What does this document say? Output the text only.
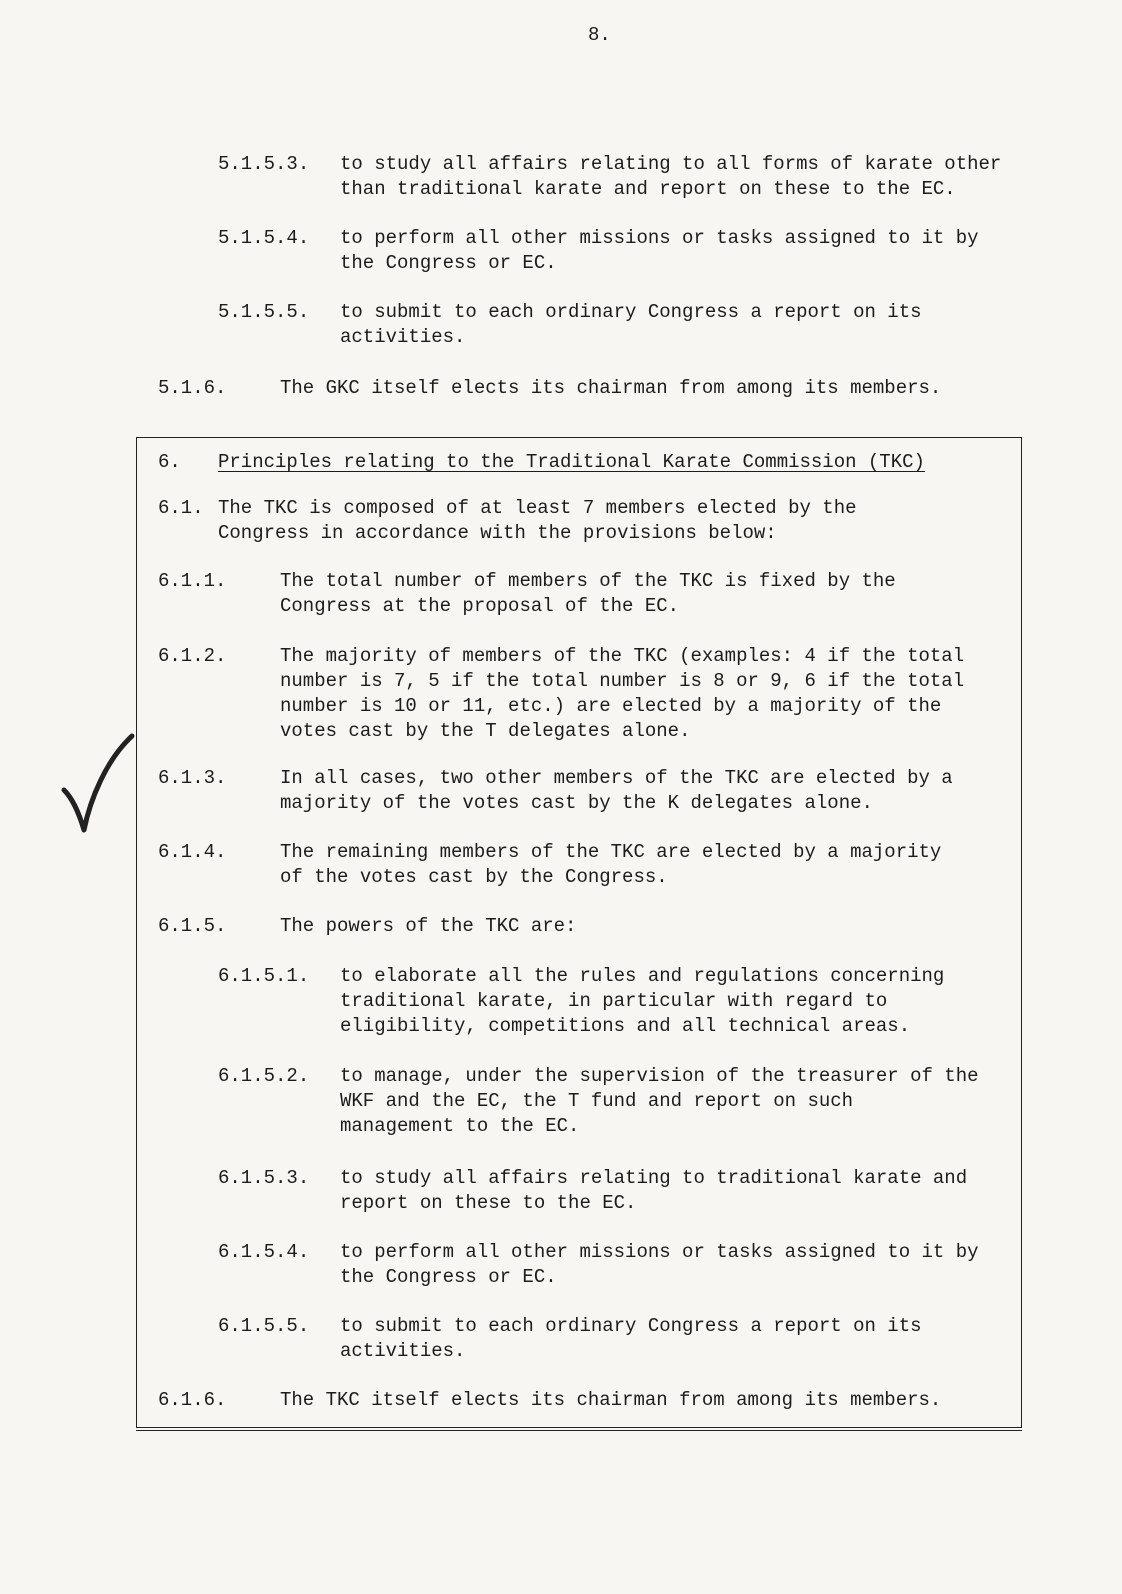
8.
5.1.5.3. to study all affairs relating to all forms of karate other
than traditional karate and report on these to the EC.
5.1.5.4. to perform all other missions or tasks assigned to it by
the Congress or EC.
5.1.5.5. to submit to each ordinary Congress a report on its
activities.
5.1.6.	The GKC itself elects its chairman from among its members.
6. Principles relating to the Traditional Karate Commission (TKC)
6.1. The TKC is composed of at least 7 members elected by the
Congress in accordance with the provisions below:
6.1.1.	The total number of members of the TKC is fixed by the
Congress at the proposal of the EC.
6.1.2.	The majority of members of the TKC (examples: 4 if the total
number is 7, 5 if the total number is 8 or 9, 6 if the total
number is 10 or 11, etc.) are elected by a majority of the
votes cast by the T delegates alone.
6.1.3.	In all cases, two other members of the TKC are elected by a
majority of the votes cast by the K delegates alone.
6.1.4.	The remaining members of the TKC are elected by a majority
of the votes cast by the Congress.
6.1.5.	The powers of the TKC are:
6.1.5.1. to elaborate all the rules and regulations concerning
traditional karate, in particular with regard to
eligibility, competitions and all technical areas.
6.1.5.2. to manage, under the supervision of the treasurer of the
WKF and the EC, the T fund and report on such
management to the EC.
6.1.5.3. to study all affairs relating to traditional karate and
report on these to the EC.
6.1.5.4. to perform all other missions or tasks assigned to it by
the Congress or EC.
6.1.5.5. to submit to each ordinary Congress a report on its
activities.
6.1.6.	The TKC itself elects its chairman from among its members.
